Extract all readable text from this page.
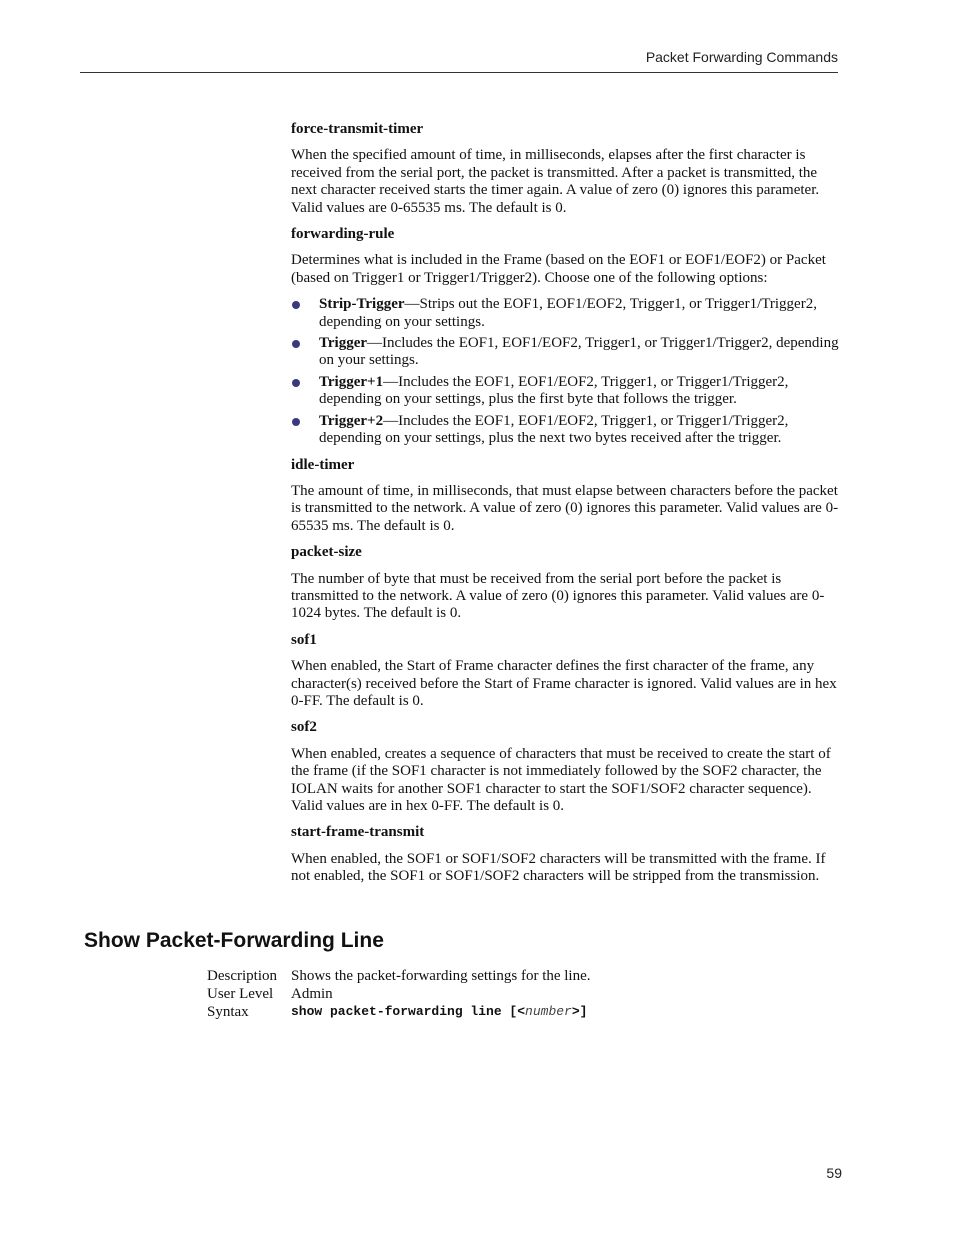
Packet Forwarding Commands

force-transmit-timer

When the specified amount of time, in milliseconds, elapses after the first character is received from the serial port, the packet is transmitted. After a packet is transmitted, the next character received starts the timer again. A value of zero (0) ignores this parameter. Valid values are 0-65535 ms. The default is 0.

forwarding-rule

Determines what is included in the Frame (based on the EOF1 or EOF1/EOF2) or Packet (based on Trigger1 or Trigger1/Trigger2). Choose one of the following options:

Strip-Trigger—Strips out the EOF1, EOF1/EOF2, Trigger1, or Trigger1/Trigger2, depending on your settings.
Trigger—Includes the EOF1, EOF1/EOF2, Trigger1, or Trigger1/Trigger2, depending on your settings.
Trigger+1—Includes the EOF1, EOF1/EOF2, Trigger1, or Trigger1/Trigger2, depending on your settings, plus the first byte that follows the trigger.
Trigger+2—Includes the EOF1, EOF1/EOF2, Trigger1, or Trigger1/Trigger2, depending on your settings, plus the next two bytes received after the trigger.

idle-timer

The amount of time, in milliseconds, that must elapse between characters before the packet is transmitted to the network. A value of zero (0) ignores this parameter. Valid values are 0-65535 ms. The default is 0.

packet-size

The number of byte that must be received from the serial port before the packet is transmitted to the network. A value of zero (0) ignores this parameter. Valid values are 0-1024 bytes. The default is 0.

sof1

When enabled, the Start of Frame character defines the first character of the frame, any character(s) received before the Start of Frame character is ignored. Valid values are in hex 0-FF. The default is 0.

sof2

When enabled, creates a sequence of characters that must be received to create the start of the frame (if the SOF1 character is not immediately followed by the SOF2 character, the IOLAN waits for another SOF1 character to start the SOF1/SOF2 character sequence). Valid values are in hex 0-FF. The default is 0.

start-frame-transmit

When enabled, the SOF1 or SOF1/SOF2 characters will be transmitted with the frame. If not enabled, the SOF1 or SOF1/SOF2 characters will be stripped from the transmission.

Show Packet-Forwarding Line
Description Shows the packet-forwarding settings for the line.
User Level	Admin
Syntax	show packet-forwarding line [<number>]
59
